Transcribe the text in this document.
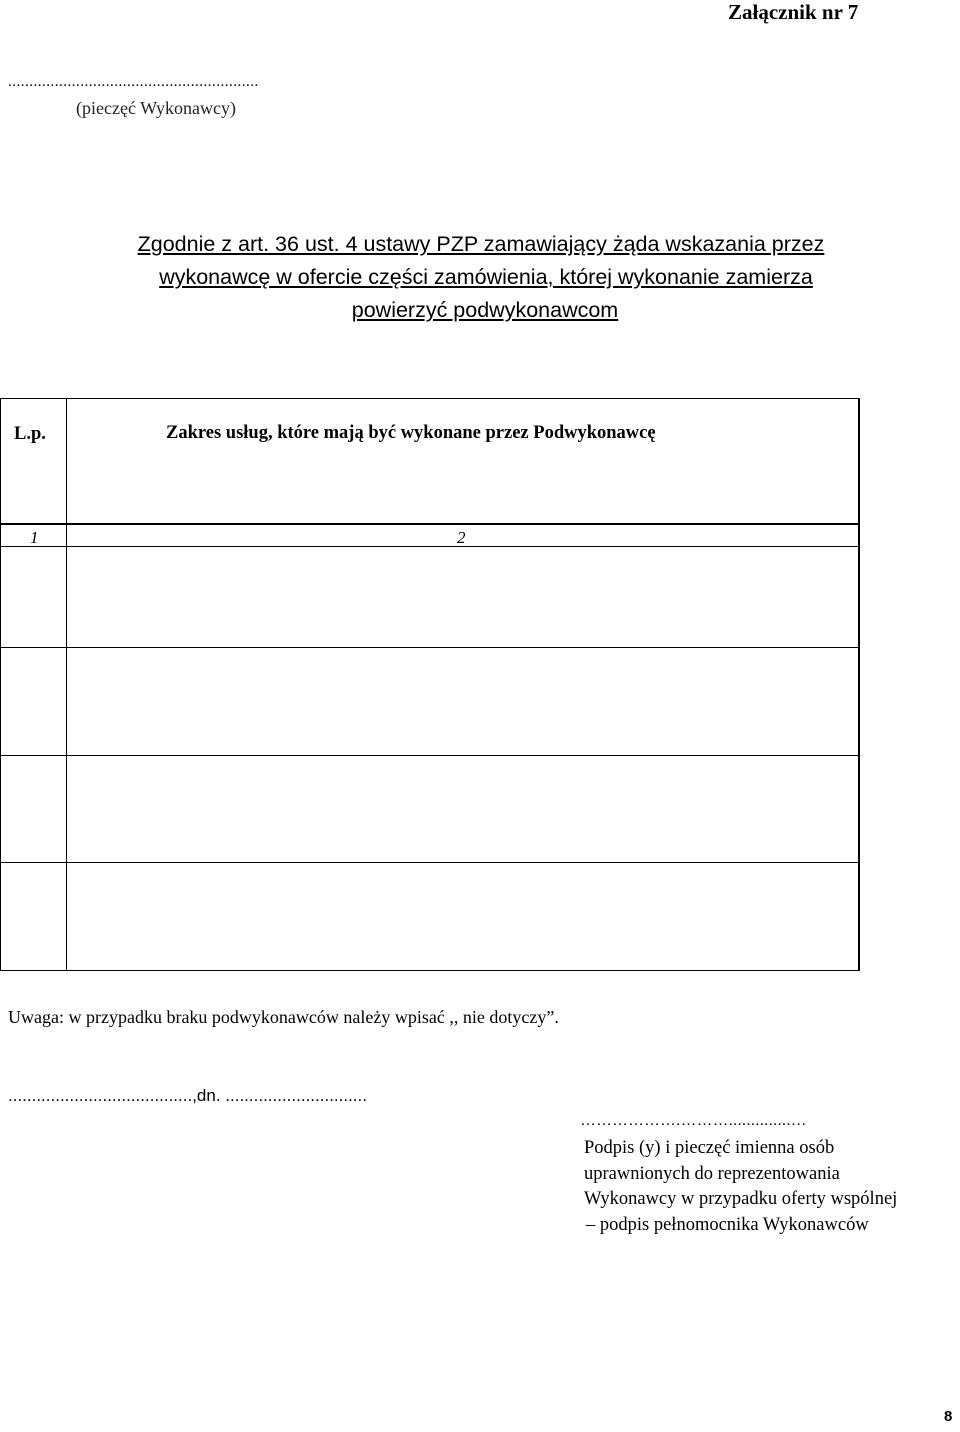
Załącznik nr 7
...........................................................
(pieczęć Wykonawcy)
Zgodnie z art. 36 ust. 4 ustawy PZP zamawiający żąda wskazania przez
wykonawcę w ofercie części zamówienia, której wykonanie zamierza
powierzyć podwykonawcom
L.p.	Zakres usług, które mają być wykonane przez Podwykonawcę
1	2
Uwaga: w przypadku braku podwykonawców należy wpisać ,, nie dotyczy”.
.......................................,dn. ..............................
……………….………..............…
Podpis (y) i pieczęć imienna osób
uprawnionych do reprezentowania
Wykonawcy w przypadku oferty wspólnej
– podpis pełnomocnika Wykonawców
8
